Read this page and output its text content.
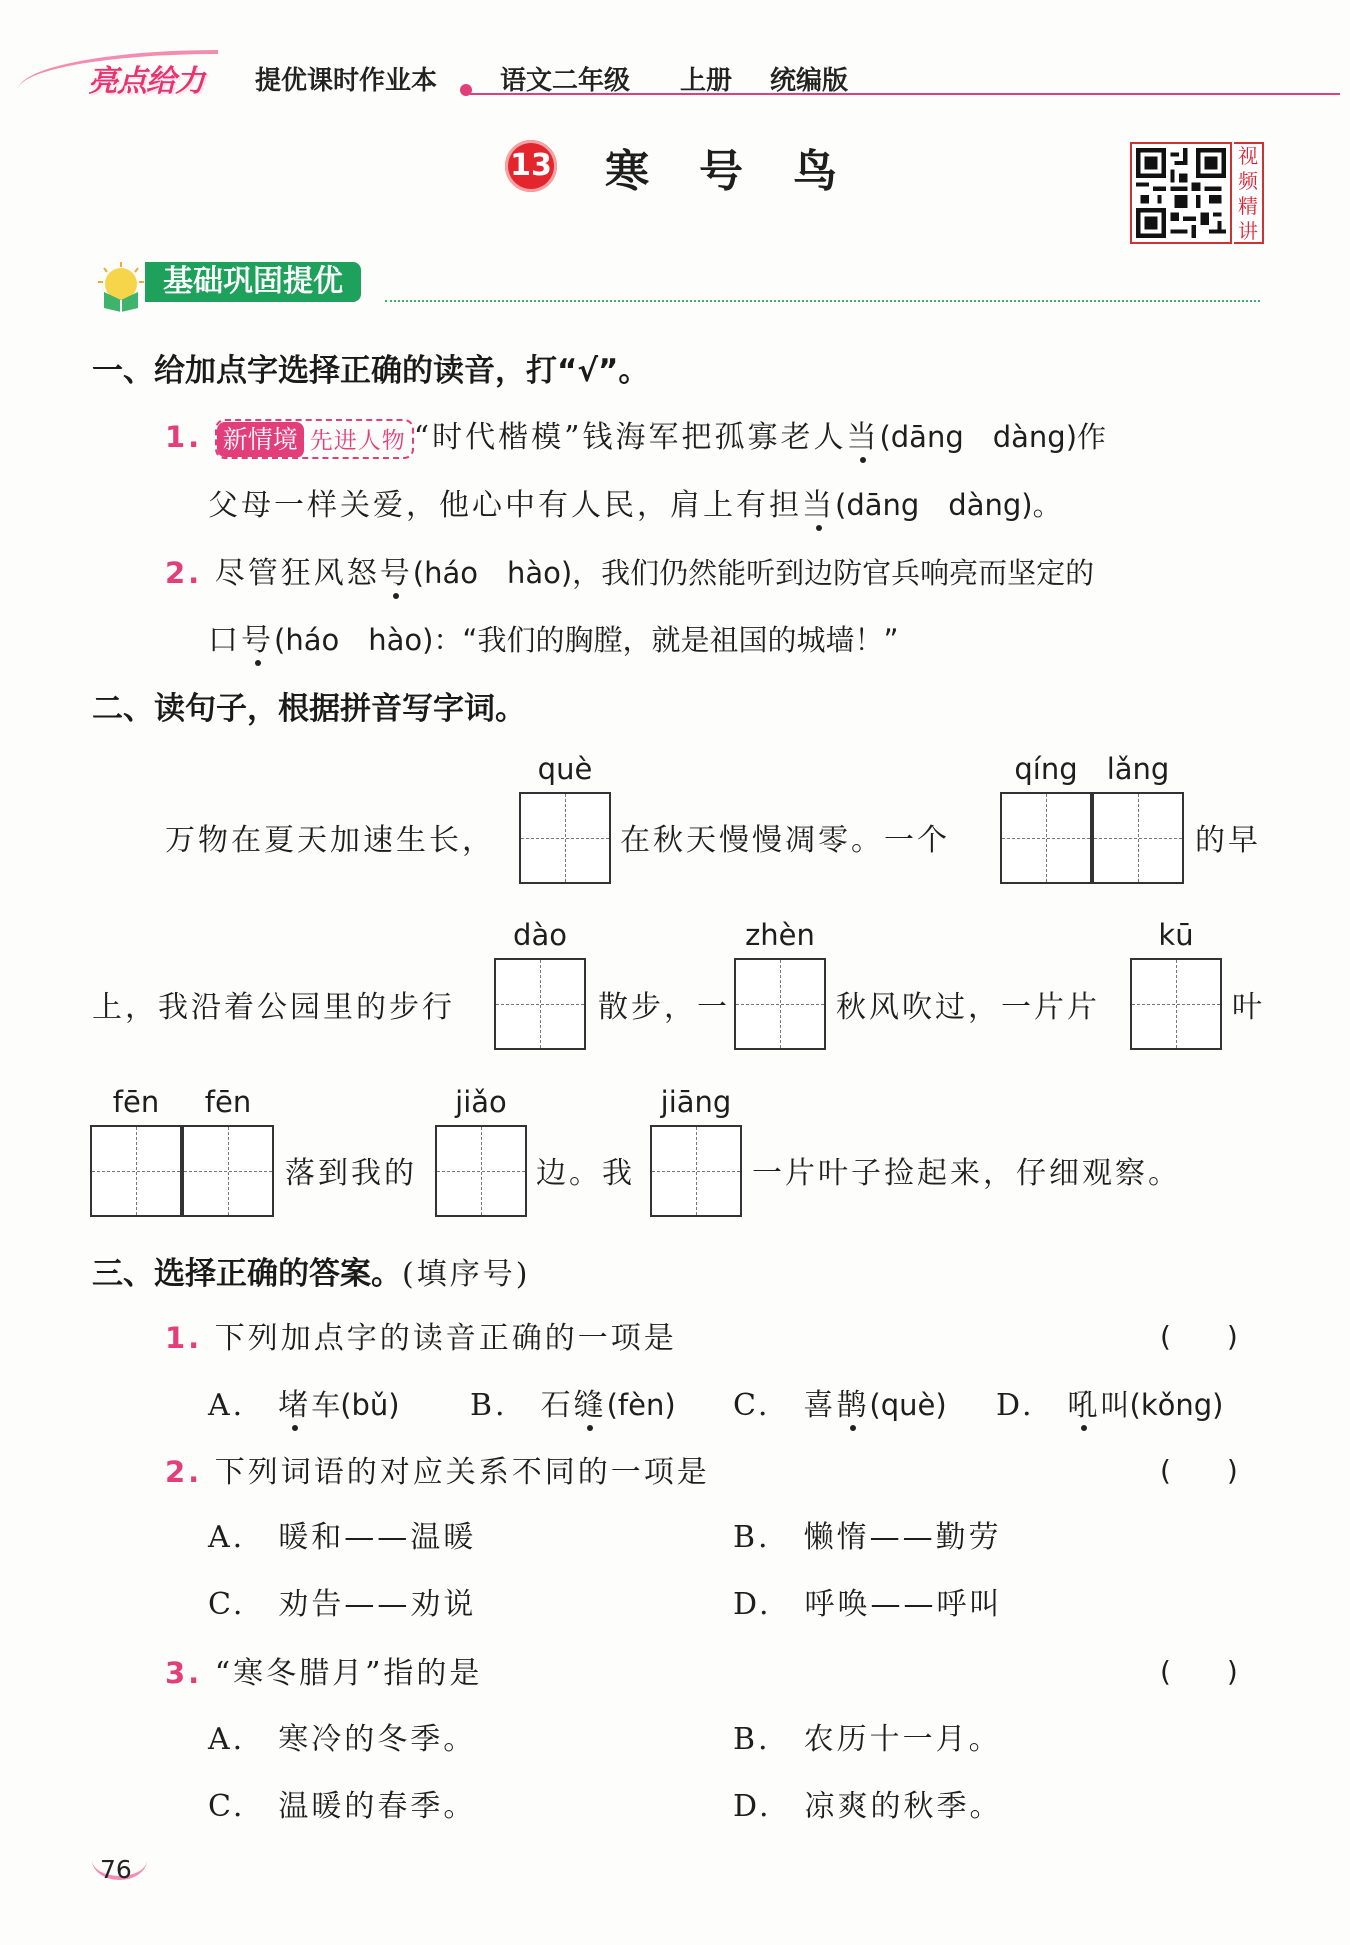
亮点给力 提优课时作业本 语文二年级 上册 统编版
13 寒号鸟	视频精讲
基础巩固提优
一、给加点字选择正确的读音，打“√”。
1. 新情境 先进人物 “时代楷模”钱海军把孤寡老人当(dāng　dàng)作
父母一样关爱，他心中有人民，肩上有担当(dāng　dàng)。
2. 尽管狂风怒号(háo　hào)，我们仍然能听到边防官兵响亮而坚定的
口号(háo　hào)：“我们的胸膛，就是祖国的城墙！”
二、读句子，根据拼音写字词。
万物在夏天加速生长，
què
在秋天慢慢凋零。一个
qíng	lǎng
的早
上，我沿着公园里的步行
dào
散步，一
zhèn
秋风吹过，一片片
kū
叶
fēn	fēn
落到我的
jiǎo
边。我
jiāng
一片叶子捡起来，仔细观察。
三、选择正确的答案。(填序号)
1. 下列加点字的读音正确的一项是	(　　)
A.　 堵车(bǔ) B.　 石缝(fèn) C.　 喜鹊(què) D.　 吼叫(kǒng)
2. 下列词语的对应关系不同的一项是	(　　)
A.　暖和——温暖	B.　懒惰——勤劳
C.　劝告——劝说	D.　呼唤——呼叫
3. “寒冬腊月”指的是	(　　)
A.　寒冷的冬季。	B.　农历十一月。
C.　温暖的春季。	D.　凉爽的秋季。
76
